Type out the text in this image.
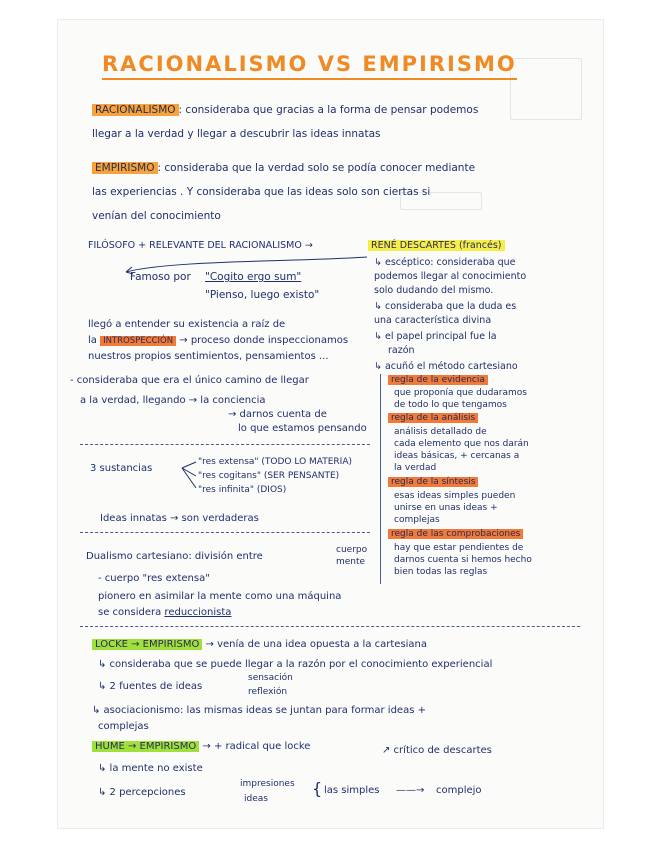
RACIONALISMO VS EMPIRISMO
RACIONALISMO : consideraba que gracias a la forma de pensar podemos
llegar a la verdad y llegar a descubrir las ideas innatas
EMPIRISMO : consideraba que la verdad solo se podía conocer mediante
las experiencias . Y consideraba que las ideas solo son ciertas si
venían del conocimiento
FILÓSOFO + RELEVANTE DEL RACIONALISMO →	RENÉ DESCARTES (francés)
Famoso por "Cogito ergo sum"
"Pienso, luego existo"
↳ escéptico: consideraba que
podemos llegar al conocimiento
solo dudando del mismo.
↳ consideraba que la duda es
una característica divina
↳ el papel principal fue la
razón
↳ acuñó el método cartesiano
regla de la evidencia
que proponía que dudaramos
de todo lo que tengamos
regla de la análisis
análisis detallado de
cada elemento que nos darán
ideas básicas, + cercanas a
la verdad
regla de la síntesis
esas ideas simples pueden
unirse en unas ideas +
complejas
regla de las comprobaciones
hay que estar pendientes de
darnos cuenta si hemos hecho
bien todas las reglas
llegó a entender su existencia a raíz de
la INTROSPECCIÓN → proceso donde inspeccionamos
nuestros propios sentimientos, pensamientos ...
- consideraba que era el único camino de llegar
a la verdad, llegando → la conciencia
→ darnos cuenta de
lo que estamos pensando
3 sustancias
"res extensa" (TODO LO MATERIA)
"res cogitans" (SER PENSANTE)
"res infinita" (DIOS)
Ideas innatas → son verdaderas
Dualismo cartesiano: división entre
cuerpo
mente
- cuerpo "res extensa"
pionero en asimilar la mente como una máquina
se considera reduccionista
LOCKE → EMPIRISMO → venía de una idea opuesta a la cartesiana
↳ consideraba que se puede llegar a la razón por el conocimiento experiencial
↳ 2 fuentes de ideas
sensación
reflexión
↳ asociacionismo: las mismas ideas se juntan para formar ideas +
complejas
HUME → EMPIRISMO → + radical que locke	↗ crítico de descartes
↳ la mente no existe
↳ 2 percepciones
impresiones
ideas
{ las simples ——→ complejo
